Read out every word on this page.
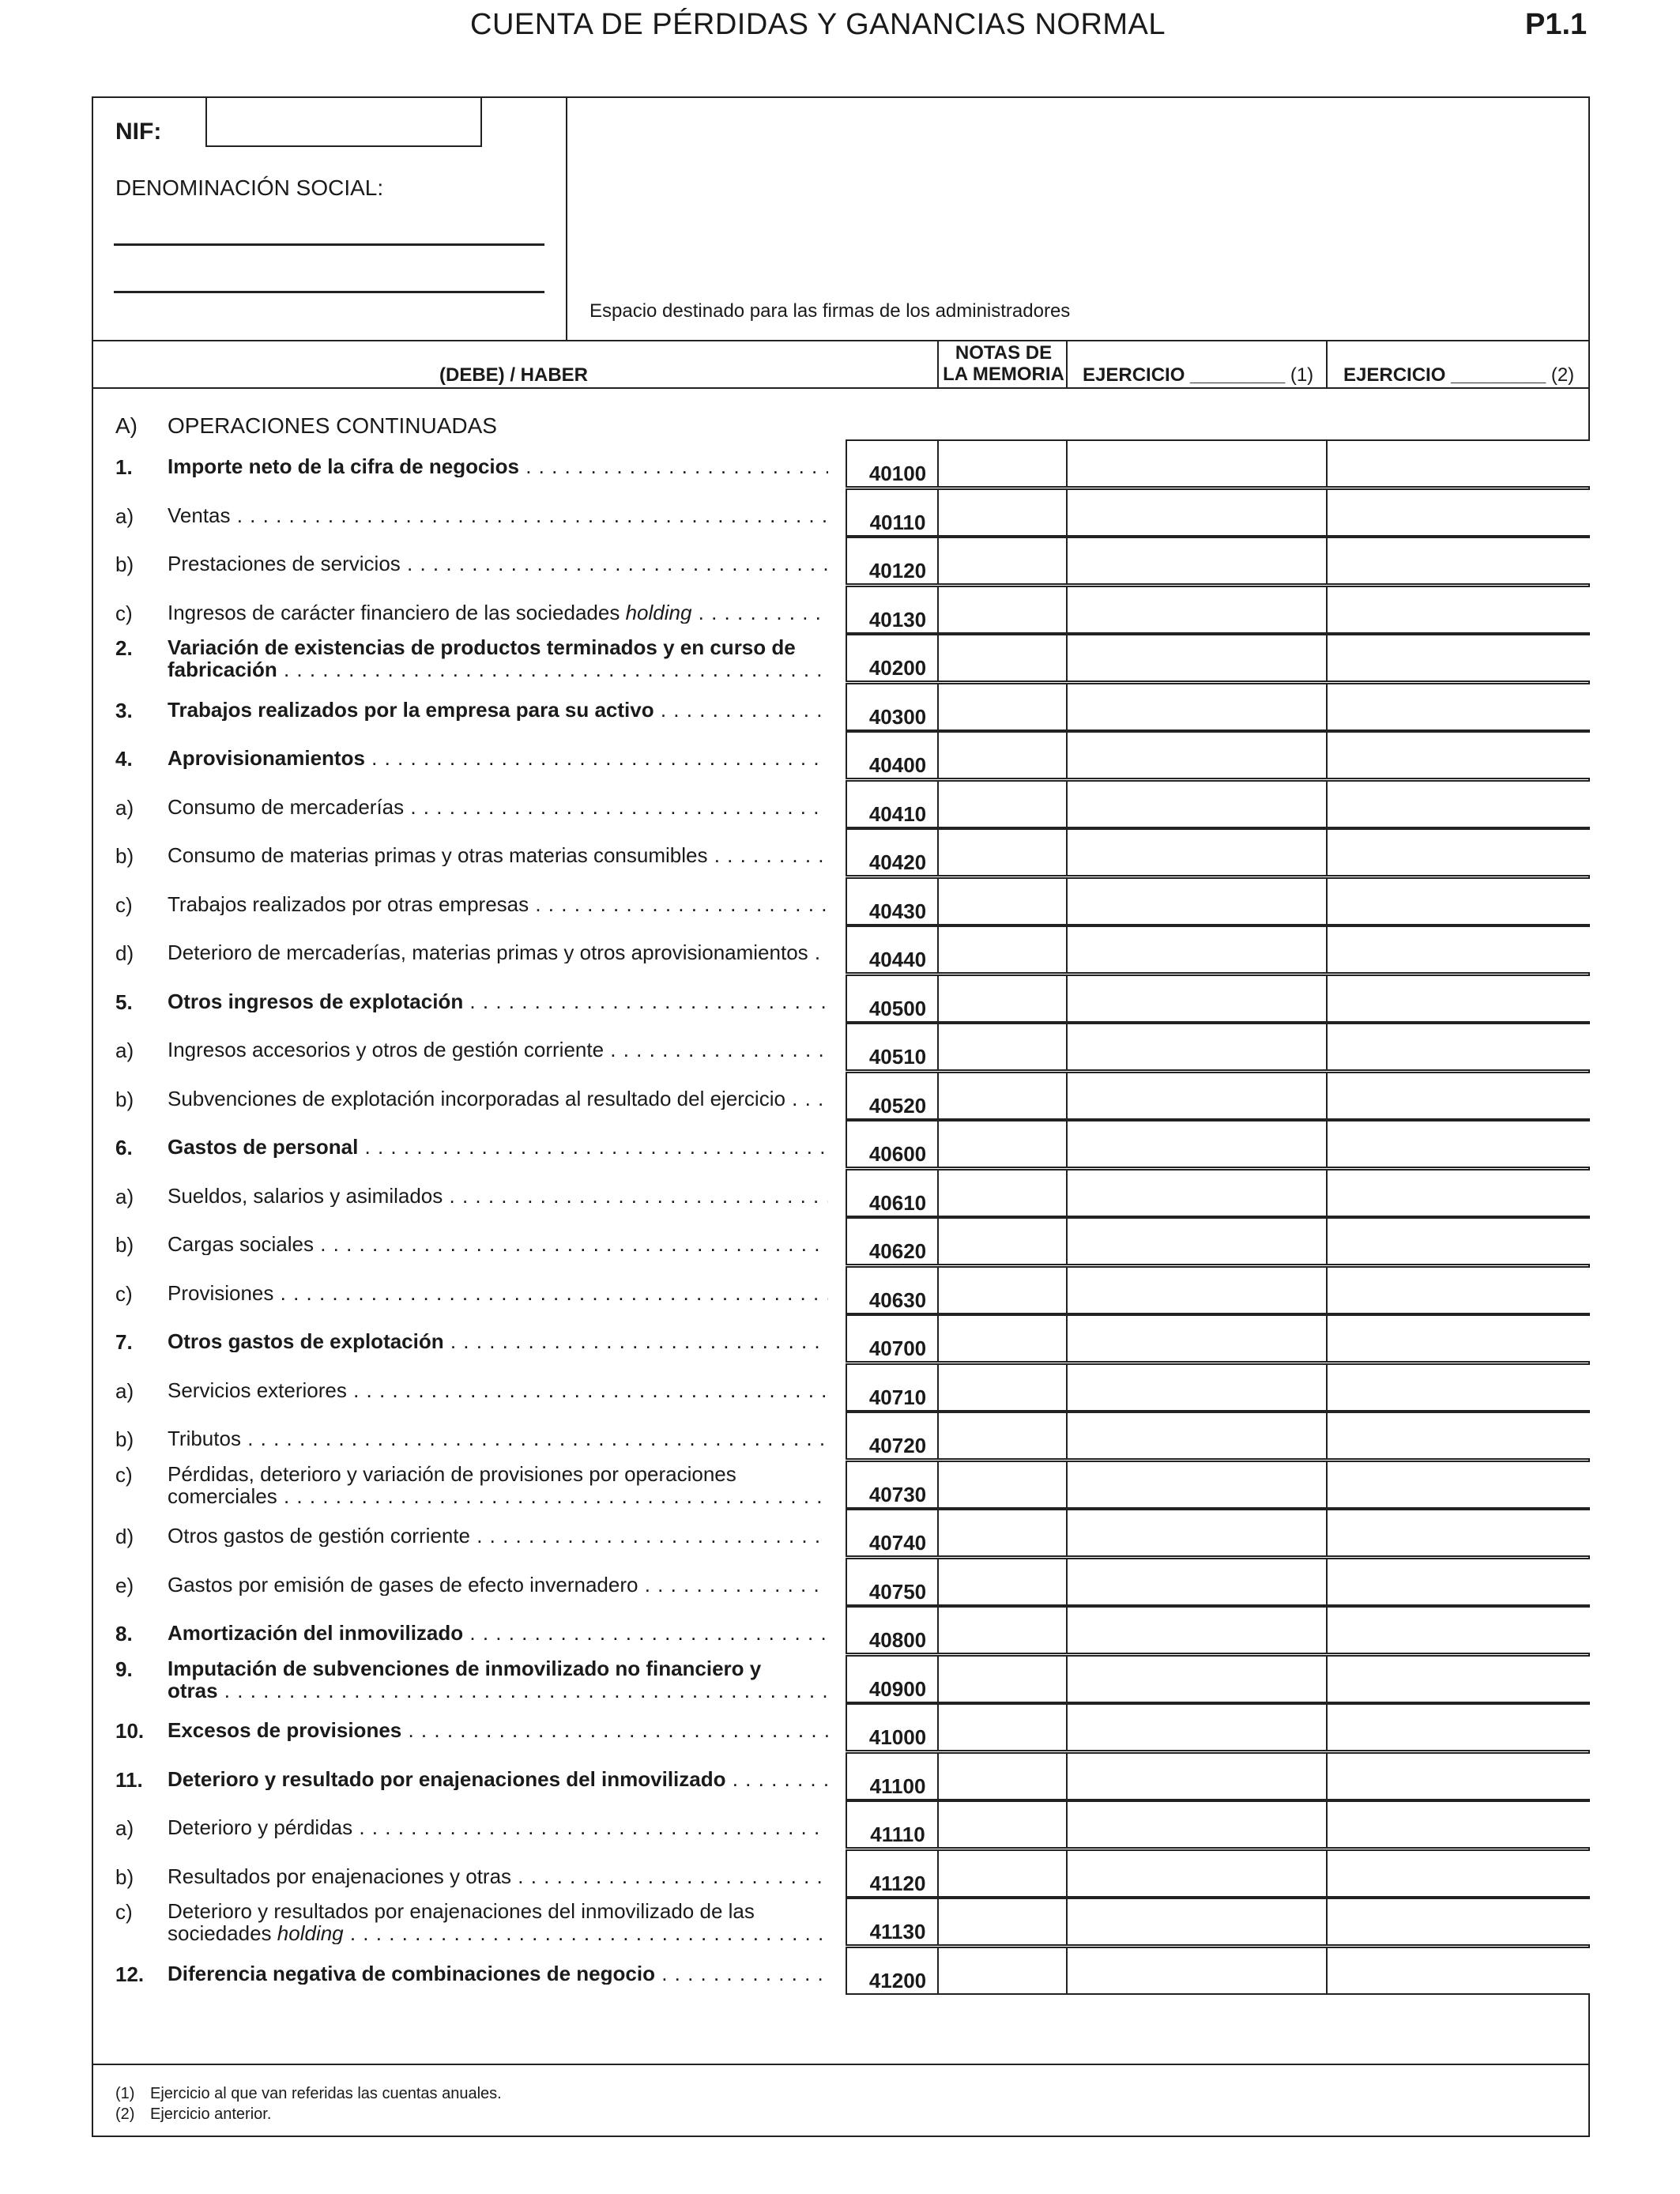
CUENTA DE PÉRDIDAS Y GANANCIAS NORMAL	P1.1
NIF:
DENOMINACIÓN SOCIAL:
Espacio destinado para las firmas de los administradores
(DEBE) / HABER
NOTAS DE
LA MEMORIA EJERCICIO _________ (1) EJERCICIO _________ (2)
A) OPERACIONES CONTINUADAS
1. Importe neto de la cifra de negocios . . .	40100
a) Ventas . . .	40110
b) Prestaciones de servicios . . .	40120
c) Ingresos de carácter financiero de las sociedades holding . . .	40130
2. Variación de existencias de productos terminados y en curso de
fabricación . . .	40200
3. Trabajos realizados por la empresa para su activo . . .	40300
4. Aprovisionamientos . . .	40400
a) Consumo de mercaderías . . .	40410
b) Consumo de materias primas y otras materias consumibles . . .	40420
c) Trabajos realizados por otras empresas . . .	40430
d) Deterioro de mercaderías, materias primas y otros aprovisionamientos . . .	40440
5. Otros ingresos de explotación . . .	40500
a) Ingresos accesorios y otros de gestión corriente . . .	40510
b) Subvenciones de explotación incorporadas al resultado del ejercicio . . .	40520
6. Gastos de personal . . .	40600
a) Sueldos, salarios y asimilados . . .	40610
b) Cargas sociales . . .	40620
c) Provisiones . . .	40630
7. Otros gastos de explotación . . .	40700
a) Servicios exteriores . . .	40710
b) Tributos . . .	40720
c) Pérdidas, deterioro y variación de provisiones por operaciones
comerciales . . .	40730
d) Otros gastos de gestión corriente . . .	40740
e) Gastos por emisión de gases de efecto invernadero . . .	40750
8. Amortización del inmovilizado . . .	40800
9. Imputación de subvenciones de inmovilizado no financiero y
otras . . .	40900
10. Excesos de provisiones . . .	41000
11. Deterioro y resultado por enajenaciones del inmovilizado . . .	41100
a) Deterioro y pérdidas . . .	41110
b) Resultados por enajenaciones y otras . . .	41120
c) Deterioro y resultados por enajenaciones del inmovilizado de las
sociedades holding . . .	41130
12. Diferencia negativa de combinaciones de negocio . . .	41200
(1) Ejercicio al que van referidas las cuentas anuales.
(2) Ejercicio anterior.
